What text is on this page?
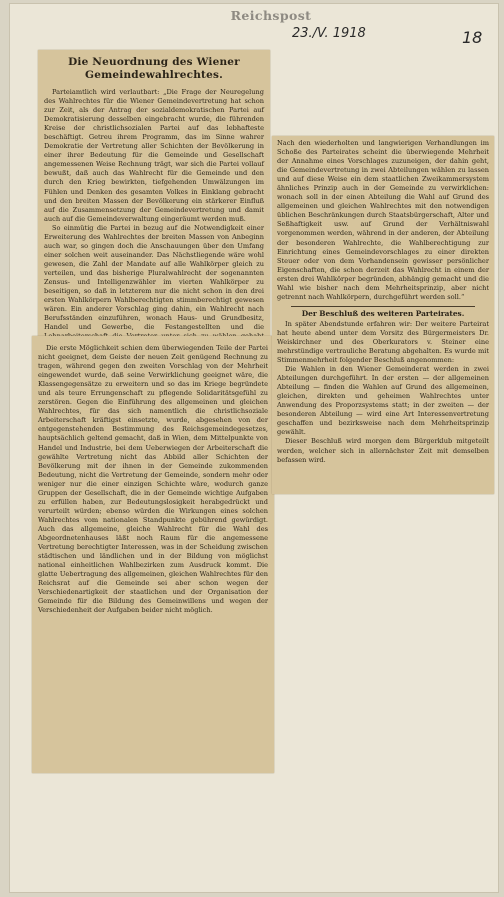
Reichspost
23./V. 1918	18
Die Neuordnung des Wiener
Gemeindewahlrechtes.

Parteiamtlich wird verlautbart: „Die Frage der Neuregelung des Wahlrechtes für die Wiener Gemeindevertretung hat schon zur Zeit, als der Antrag der sozialdemokratischen Partei auf Demokratisierung desselben eingebracht wurde, die führenden Kreise der christlichsozialen Partei auf das lebhafteste beschäftigt. Getreu ihrem Programm, das im Sinne wahrer Demokratie der Vertretung aller Schichten der Bevölkerung in einer ihrer Bedeutung für die Gemeinde und Gesellschaft angemessenen Weise Rechnung trägt, war sich die Partei vollauf bewußt, daß auch das Wahlrecht für die Gemeinde und den durch den Krieg bewirkten, tiefgehenden Umwälzungen im Fühlen und Denken des gesamten Volkes in Einklang gebracht und den breiten Massen der Bevölkerung ein stärkerer Einfluß auf die Zusammensetzung der Gemeindevertretung und damit auch auf die Gemeindeverwaltung eingeräumt werden muß.

So einmütig die Partei in bezug auf die Notwendigkeit einer Erweiterung des Wahlrechtes der breiten Massen von Anbeginn auch war, so gingen doch die Anschauungen über den Umfang einer solchen weit auseinander. Das Nächstliegende wäre wohl gewesen, die Zahl der Mandate auf alle Wahlkörper gleich zu verteilen, und das bisherige Pluralwahlrecht der sogenannten Zensus- und Intelligenzwähler im vierten Wahlkörper zu beseitigen, so daß in letzterem nur die nicht schon in den drei ersten Wahlkörpern Wahlberechtigten stimmberechtigt gewesen wären. Ein anderer Vorschlag ging dahin, ein Wahlrecht nach Berufsständen einzuführen, wonach Haus- und Grundbesitz, Handel und Gewerbe, die Festangestellten und die

Die erste Möglichkeit schien dem überwiegenden Teile der Partei nicht geeignet, dem Geiste der neuen Zeit genügend Rechnung zu tragen, während gegen den zweiten Vorschlag von der Mehrheit eingewendet wurde, daß seine Verwirklichung geeignet wäre, die Klassengegensätze zu erweitern und so das im Kriege begründete und als teure Errungenschaft zu pflegende Solidaritätsgefühl zu zerstören. Gegen die Einführung des allgemeinen und gleichen Wahlrechtes, für das sich namentlich die christlichsoziale Arbeiterschaft kräftigst einsetzte, wurde, abgesehen von der entgegenstehenden Bestimmung des Reichsgemeindegesetzes, hauptsächlich geltend gemacht, daß in Wien, dem Mittelpunkte von Handel und Industrie, bei dem Ueberwiegen der Arbeiterschaft die gewählte Vertretung nicht das Abbild aller Schichten der Bevölkerung mit der ihnen in der Gemeinde zukommenden Bedeutung, nicht die Vertretung der Gemeinde, sondern mehr oder weniger nur die einer einzigen Schichte wäre, wodurch ganze Gruppen der Gesellschaft, die in der Gemeinde wichtige Aufgaben zu erfüllen haben, zur Bedeutungslosigkeit herabgedrückt und verurteilt würden; ebenso würden die Wirkungen eines solchen Wahlrechtes vom nationalen Standpunkte gebührend gewürdigt. Auch das allgemeine, gleiche Wahlrecht für die Wahl des Abgeordnetenhauses läßt noch Raum für die angemessene Vertretung berechtigter Interessen, was in der Scheidung zwischen städtischen und ländlichen und in der Bildung von möglichst national einheitlichen Wahlbezirken zum Ausdruck kommt. Die glatte Uebertragung des allgemeinen, gleichen Wahlrechtes für den Reichsrat auf die Gemeinde sei aber schon wegen der Verschiedenartigkeit der staatlichen und der Organisation der Gemeinde für die Bildung des Gemeinwillens und wegen der Verschiedenheit der Aufgaben beider nicht möglich.

Nach den wiederholten und langwierigen Verhandlungen im Schoße des Parteirates scheint die überwiegende Mehrheit der Annahme eines Vorschlages zuzuneigen, der dahin geht, die Gemeindevertretung in zwei Abteilungen wählen zu lassen und auf diese Weise ein dem staatlichen Zweikammersystem ähnliches Prinzip auch in der Gemeinde zu verwirklichen: wonach soll in der einen Abteilung die Wahl auf Grund des allgemeinen und gleichen Wahlrechtes mit den notwendigen üblichen Beschränkungen durch Staatsbürgerschaft, Alter und Seßhaftigkeit usw. auf Grund der Verhältniswahl vorgenommen werden, während in der anderen, der Abteilung der besonderen Wahlrechte, die Wahlberechtigung zur Einrichtung eines Gemeindevorschlages zu einer direkten Steuer oder von dem Vorhandensein gewisser persönlicher Eigenschaften, die schon derzeit das Wahlrecht in einem der ersten drei Wahlkörper begründen, abhängig gemacht und die Wahl wie bisher nach dem Mehrheitsprinzip, aber nicht getrennt nach Wahlkörpern, durchgeführt werden soll.“

Der Beschluß des weiteren Parteirates.

In später Abendstunde erfahren wir: Der weitere Parteirat hat heute abend unter dem Vorsitz des Bürgermeisters Dr. Weiskirchner und des Oberkurators v. Steiner eine mehrstündige vertrauliche Beratung abgehalten. Es wurde mit Stimmenmehrheit folgender Beschluß angenommen:

Die Wahlen in den Wiener Gemeinderat werden in zwei Abteilungen durchgeführt. In der ersten — der allgemeinen Abteilung — finden die Wahlen auf Grund des allgemeinen, gleichen, direkten und geheimen Wahlrechtes unter Anwendung des Proporzsystems statt; in der zweiten — der besonderen Abteilung — wird eine Art Interessenvertretung geschaffen und bezirksweise nach dem Mehrheitsprinzip gewählt.

Dieser Beschluß wird morgen dem Bürgerklub mitgeteilt werden, welcher sich in allernächster Zeit mit demselben befassen wird.
